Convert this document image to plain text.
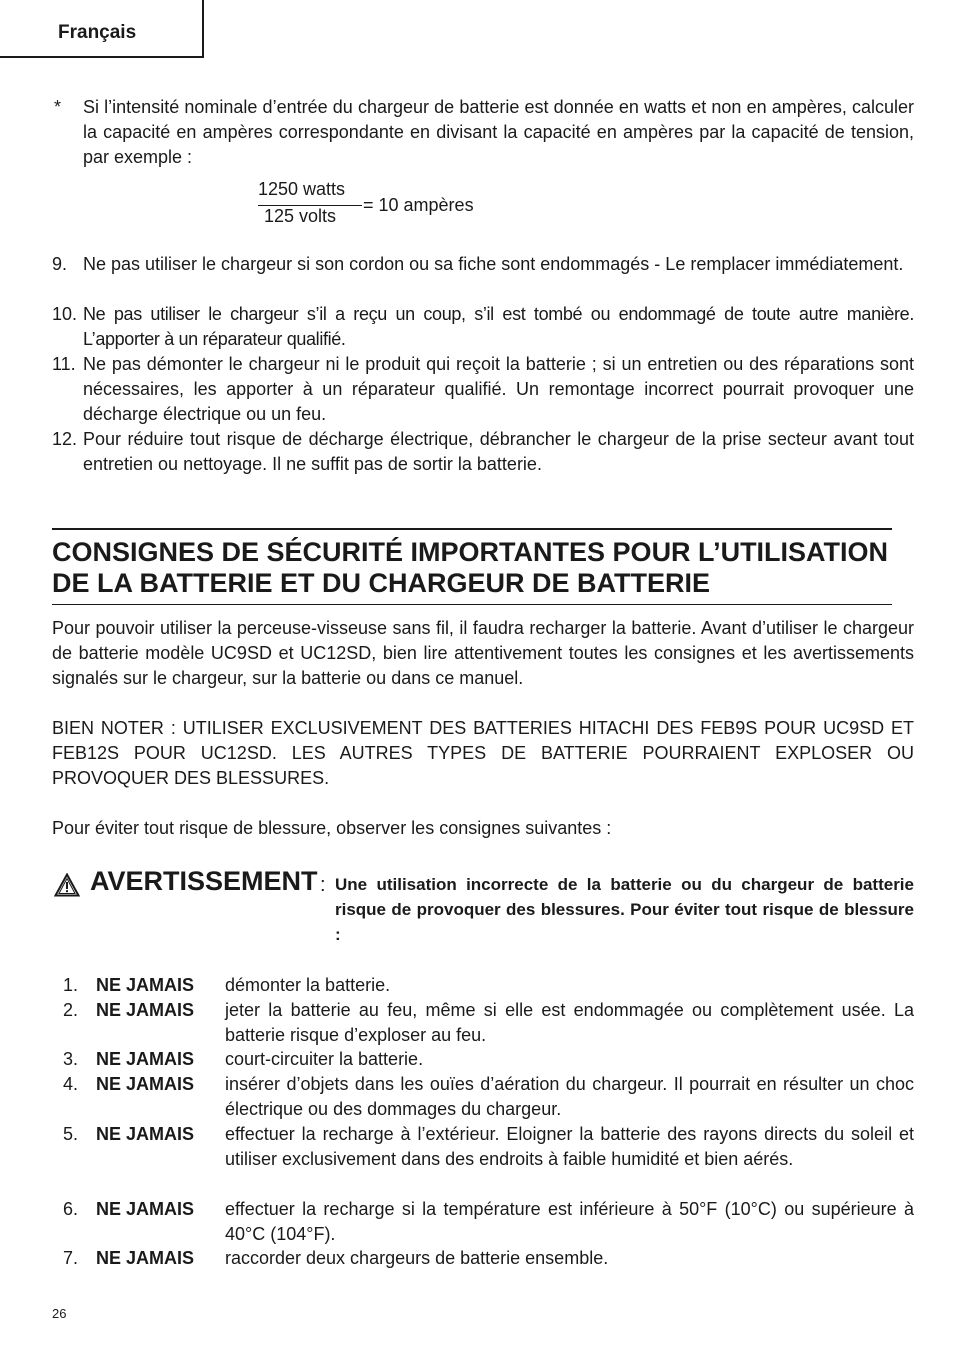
Français
* Si l’intensité nominale d’entrée du chargeur de batterie est donnée en watts et non en ampères, calculer la capacité en ampères correspondante en divisant la capacité en ampères par la capacité de tension, par exemple :
1250 watts
125 volts
= 10 ampères
9. Ne pas utiliser le chargeur si son cordon ou sa fiche sont endommagés - Le remplacer immédiatement.
10. Ne pas utiliser le chargeur s’il a reçu un coup, s’il est tombé ou endommagé de toute autre manière. L’apporter à un réparateur qualifié.
11. Ne pas démonter le chargeur ni le produit qui reçoit la batterie ; si un entretien ou des réparations sont nécessaires, les apporter à un réparateur qualifié. Un remontage incorrect pourrait provoquer une décharge électrique ou un feu.
12. Pour réduire tout risque de décharge électrique, débrancher le chargeur de la prise secteur avant tout entretien ou nettoyage. Il ne suffit pas de sortir la batterie.
CONSIGNES DE SÉCURITÉ IMPORTANTES POUR L’UTILISATION
DE LA BATTERIE ET DU CHARGEUR DE BATTERIE
Pour pouvoir utiliser la perceuse-visseuse sans fil, il faudra recharger la batterie. Avant d’utiliser le chargeur de batterie modèle UC9SD et UC12SD, bien lire attentivement toutes les consignes et les avertissements signalés sur le chargeur, sur la batterie ou dans ce manuel.
BIEN NOTER : UTILISER EXCLUSIVEMENT DES BATTERIES HITACHI DES FEB9S POUR UC9SD ET FEB12S POUR UC12SD. LES AUTRES TYPES DE BATTERIE POURRAIENT EXPLOSER OU PROVOQUER DES BLESSURES.
Pour éviter tout risque de blessure, observer les consignes suivantes :
AVERTISSEMENT : Une utilisation incorrecte de la batterie ou du chargeur de batterie risque de provoquer des blessures. Pour éviter tout risque de blessure :
1. NE JAMAIS démonter la batterie.
2. NE JAMAIS jeter la batterie au feu, même si elle est endommagée ou complètement usée. La batterie risque d’exploser au feu.
3. NE JAMAIS court-circuiter la batterie.
4. NE JAMAIS insérer d’objets dans les ouïes d’aération du chargeur. Il pourrait en résulter un choc électrique ou des dommages du chargeur.
5. NE JAMAIS effectuer la recharge à l’extérieur. Eloigner la batterie des rayons directs du soleil et utiliser exclusivement dans des endroits à faible humidité et bien aérés.
6. NE JAMAIS effectuer la recharge si la température est inférieure à 50°F (10°C) ou supérieure à 40°C (104°F).
7. NE JAMAIS raccorder deux chargeurs de batterie ensemble.
26
